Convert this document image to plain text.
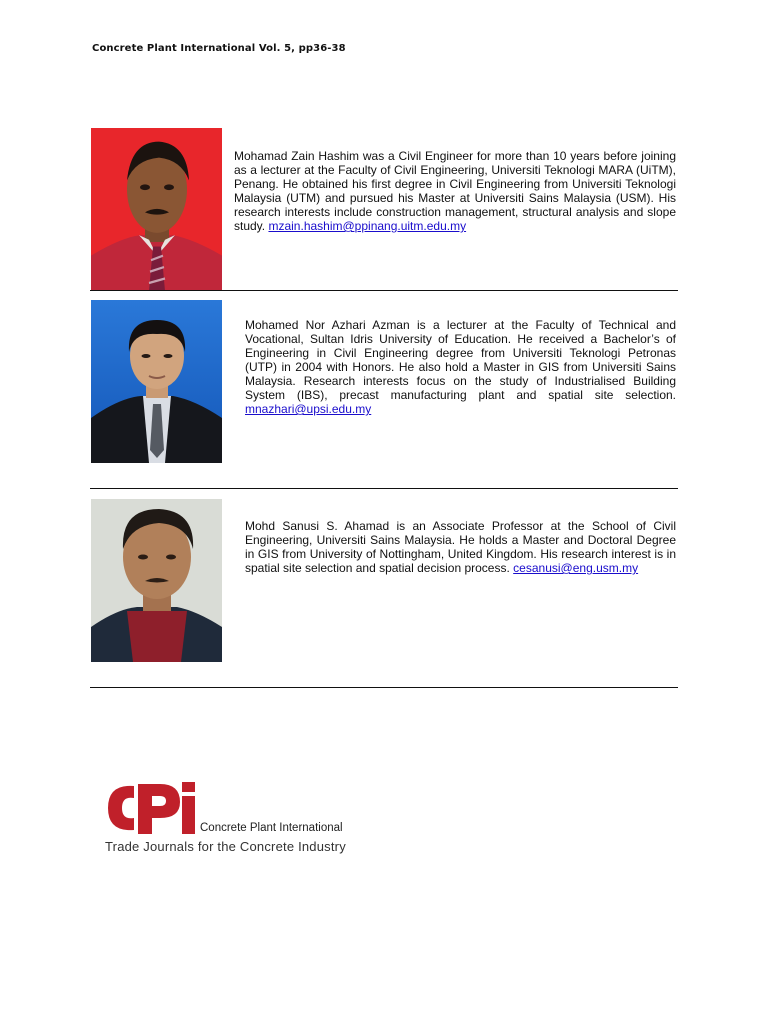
Concrete Plant International Vol. 5, pp36-38
Mohamad Zain Hashim was a Civil Engineer for more than 10 years before joining as a lecturer at the Faculty of Civil Engineering, Universiti Teknologi MARA (UiTM), Penang. He obtained his first degree in Civil Engineering from Universiti Teknologi Malaysia (UTM) and pursued his Master at Universiti Sains Malaysia (USM). His research interests include construction management, structural analysis and slope study. mzain.hashim@ppinang.uitm.edu.my
Mohamed Nor Azhari Azman is a lecturer at the Faculty of Technical and Vocational, Sultan Idris University of Education. He received a Bachelor’s of Engineering in Civil Engineering degree from Universiti Teknologi Petronas (UTP) in 2004 with Honors. He also hold a Master in GIS from Universiti Sains Malaysia. Research interests focus on the study of Industrialised Building System (IBS), precast manufacturing plant and spatial site selection. mnazhari@upsi.edu.my
Mohd Sanusi S. Ahamad is an Associate Professor at the School of Civil Engineering, Universiti Sains Malaysia. He holds a Master and Doctoral Degree in GIS from University of Nottingham, United Kingdom. His research interest is in spatial site selection and spatial decision process. cesanusi@eng.usm.my
Concrete Plant International
Trade Journals for the Concrete Industry
